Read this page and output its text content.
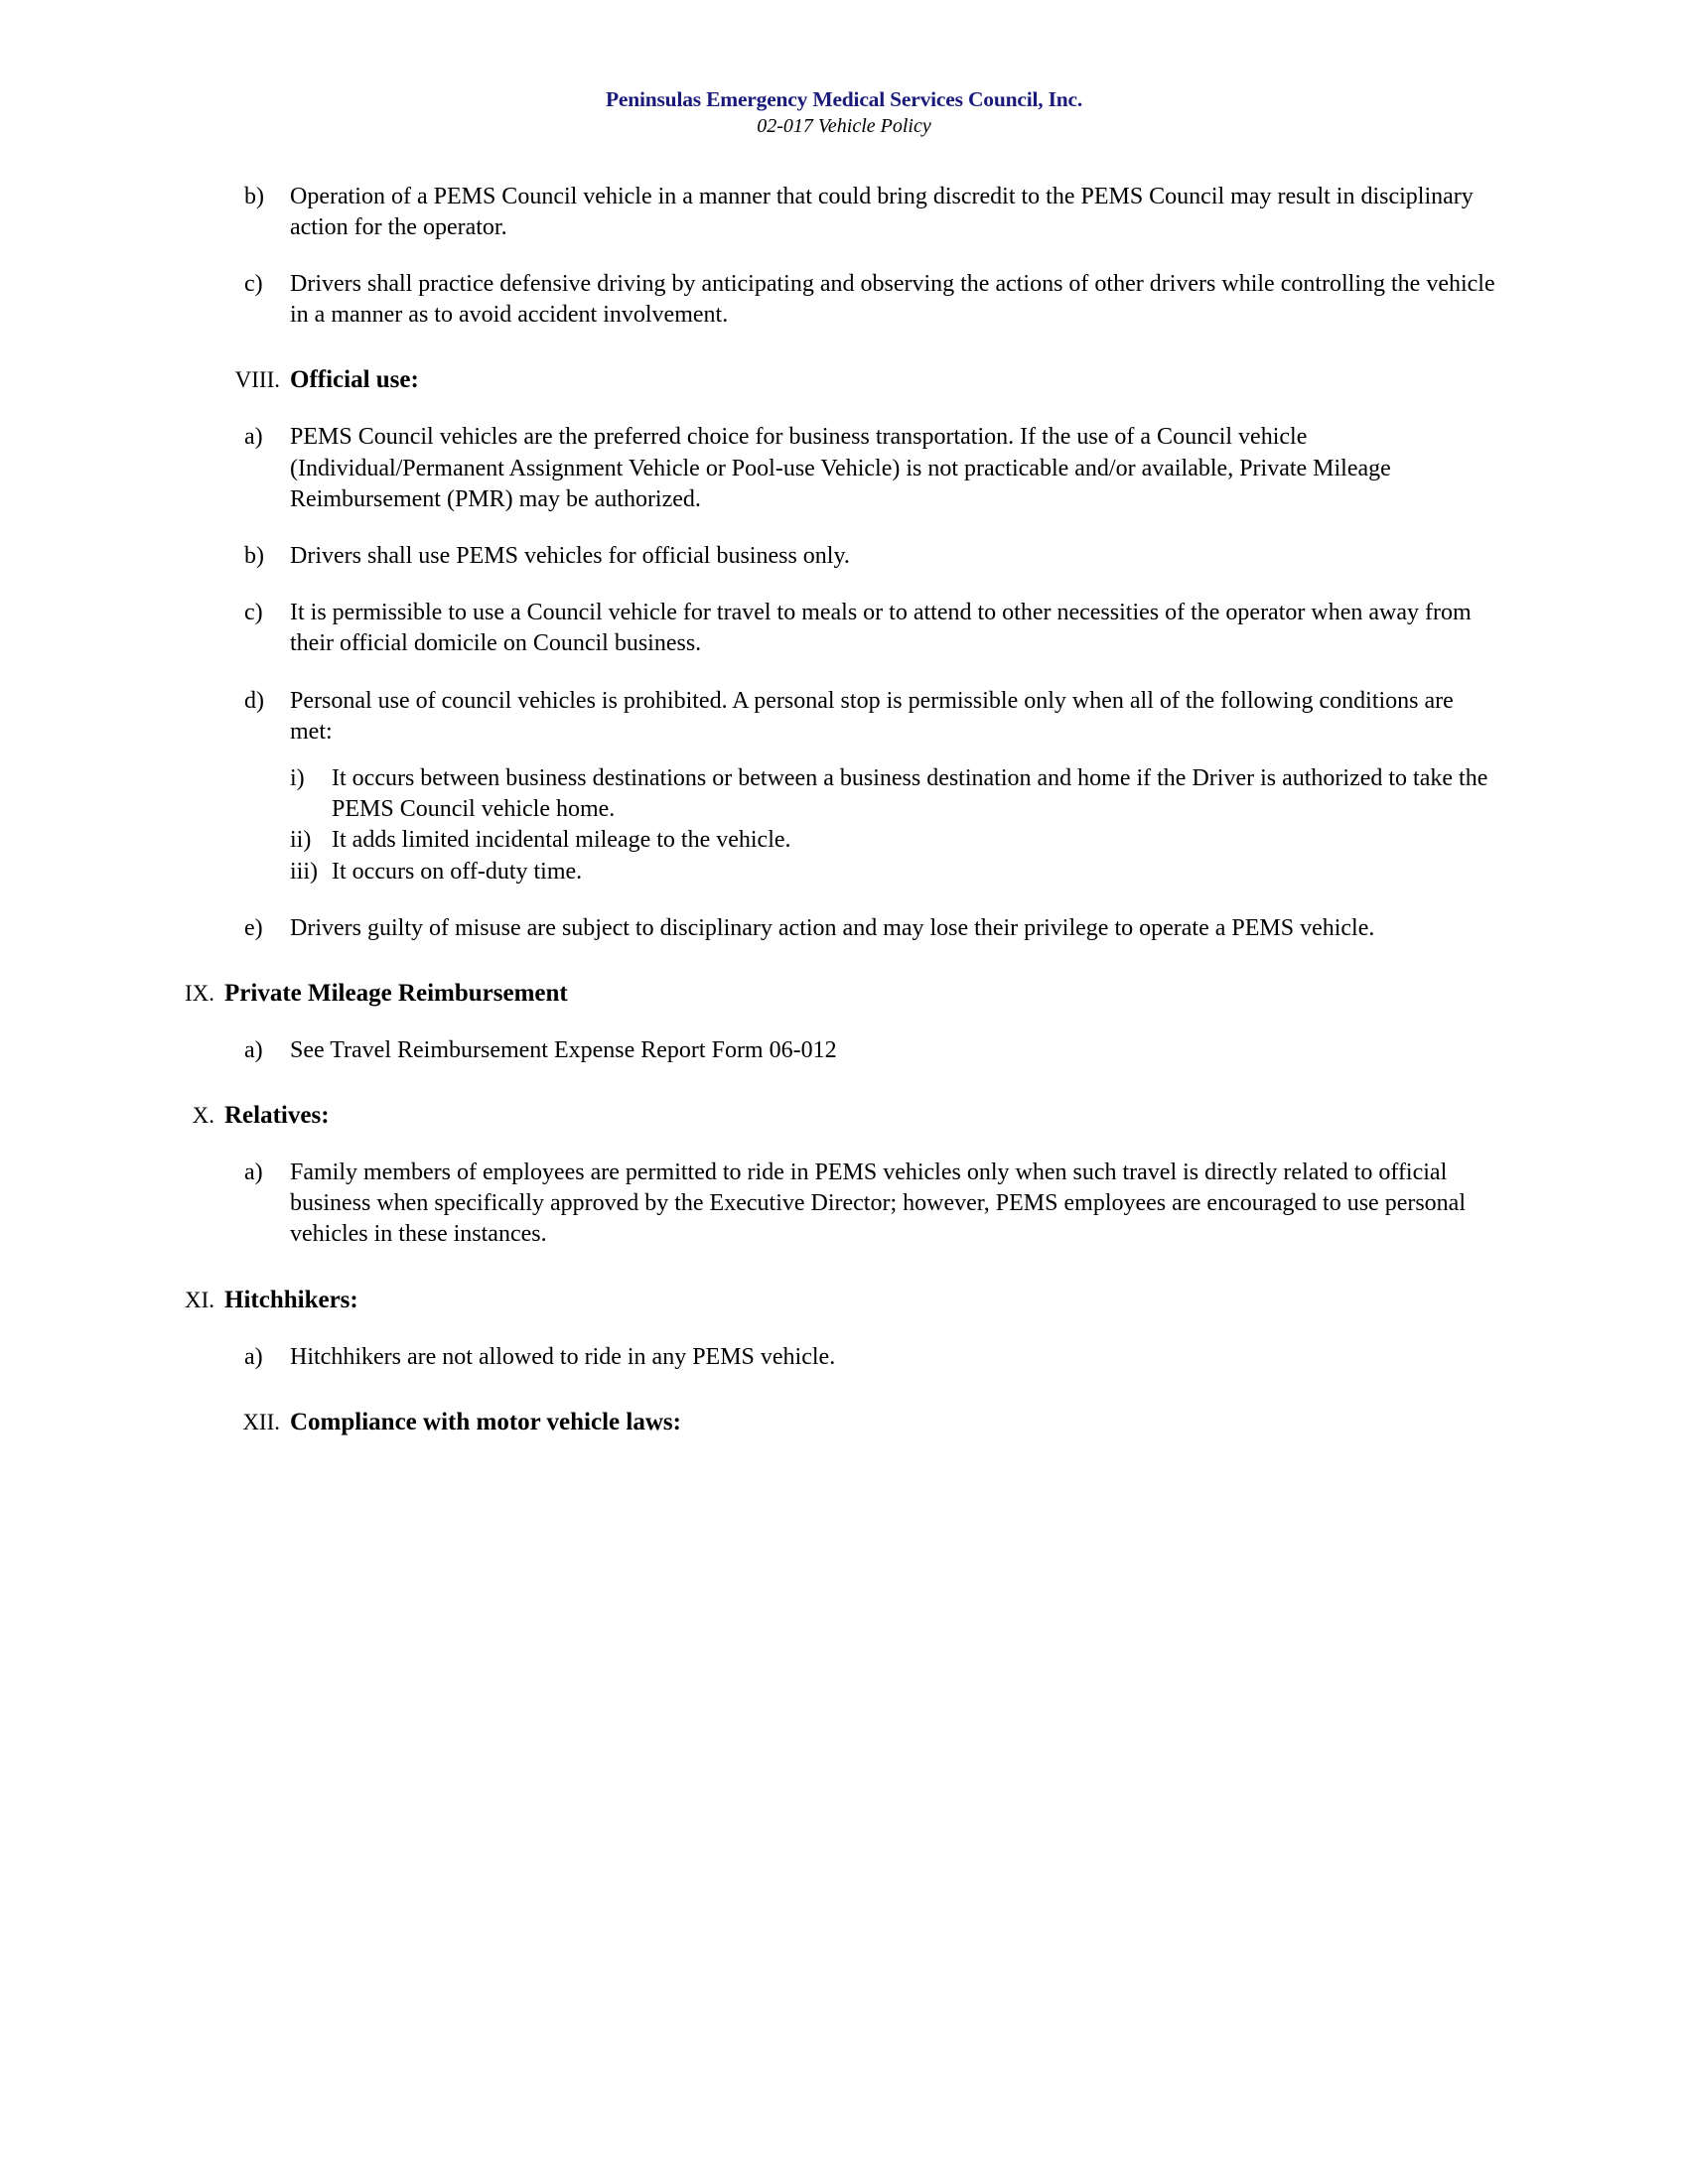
Peninsulas Emergency Medical Services Council, Inc.
02-017 Vehicle Policy
b)	Operation of a PEMS Council vehicle in a manner that could bring discredit to the PEMS Council may result in disciplinary action for the operator.
c)	Drivers shall practice defensive driving by anticipating and observing the actions of other drivers while controlling the vehicle in a manner as to avoid accident involvement.
VIII. Official use:
a)	PEMS Council vehicles are the preferred choice for business transportation. If the use of a Council vehicle (Individual/Permanent Assignment Vehicle or Pool-use Vehicle) is not practicable and/or available, Private Mileage Reimbursement (PMR) may be authorized.
b)	Drivers shall use PEMS vehicles for official business only.
c)	It is permissible to use a Council vehicle for travel to meals or to attend to other necessities of the operator when away from their official domicile on Council business.
d)	Personal use of council vehicles is prohibited. A personal stop is permissible only when all of the following conditions are met:
i)	It occurs between business destinations or between a business destination and home if the Driver is authorized to take the PEMS Council vehicle home.
ii) It adds limited incidental mileage to the vehicle.
iii) It occurs on off-duty time.
e)	Drivers guilty of misuse are subject to disciplinary action and may lose their privilege to operate a PEMS vehicle.
IX. Private Mileage Reimbursement
a)	See Travel Reimbursement Expense Report Form 06-012
X. Relatives:
a)	Family members of employees are permitted to ride in PEMS vehicles only when such travel is directly related to official business when specifically approved by the Executive Director; however, PEMS employees are encouraged to use personal vehicles in these instances.
XI. Hitchhikers:
a)	Hitchhikers are not allowed to ride in any PEMS vehicle.
XII. Compliance with motor vehicle laws:
